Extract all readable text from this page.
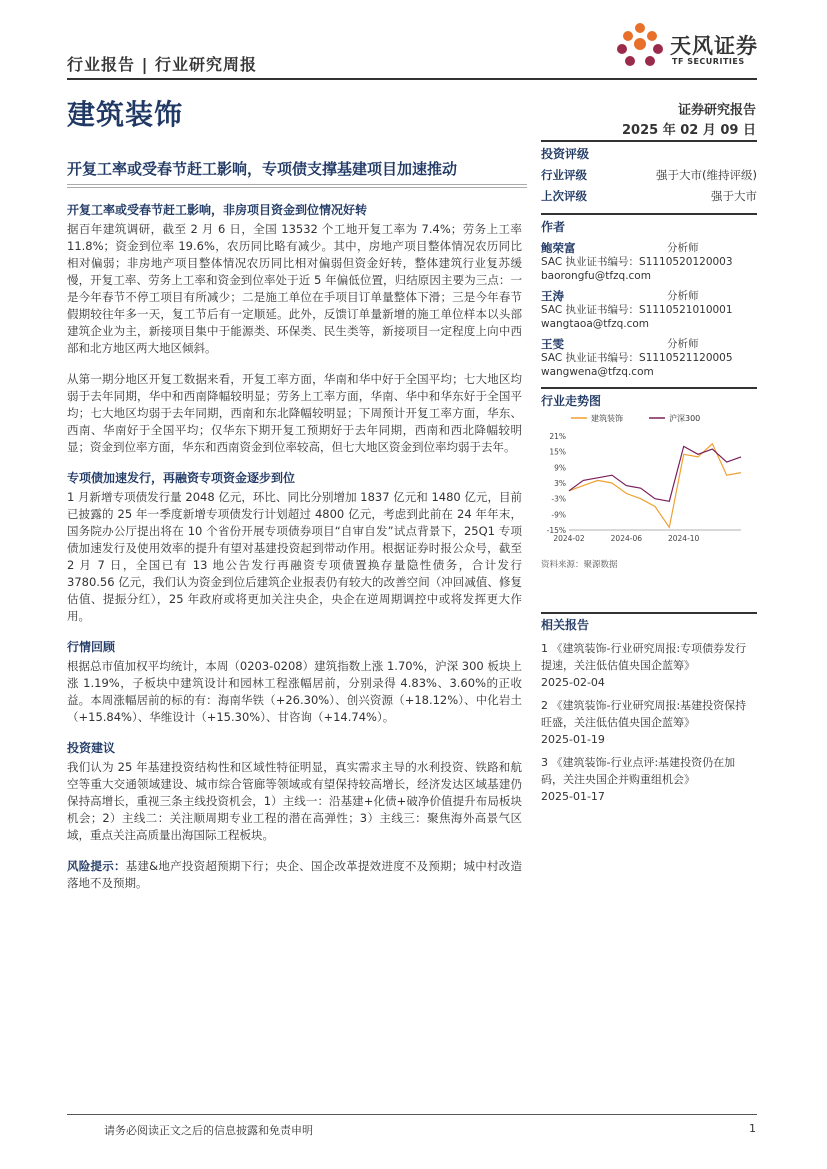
行业报告 | 行业研究周报
天风证券
TF SECURITIES
建筑装饰	证券研究报告
2025 年 02 月 09 日
开复工率或受春节赶工影响，专项债支撑基建项目加速推动
开复工率或受春节赶工影响，非房项目资金到位情况好转

据百年建筑调研，截至 2 月 6 日，全国 13532 个工地开复工率为 7.4%；劳务上工率 11.8%；资金到位率 19.6%，农历同比略有减少。其中，房地产项目整体情况农历同比相对偏弱；非房地产项目整体情况农历同比相对偏弱但资金好转，整体建筑行业复苏缓慢，开复工率、劳务上工率和资金到位率处于近 5 年偏低位置，归结原因主要为三点：一是今年春节不停工项目有所减少；二是施工单位在手项目订单量整体下滑；三是今年春节假期较往年多一天，复工节后有一定顺延。此外，反馈订单量新增的施工单位样本以头部建筑企业为主，新接项目集中于能源类、环保类、民生类等，新接项目一定程度上向中西部和北方地区两大地区倾斜。

从第一期分地区开复工数据来看，开复工率方面，华南和华中好于全国平均；七大地区均弱于去年同期，华中和西南降幅较明显；劳务上工率方面，华南、华中和华东好于全国平均；七大地区均弱于去年同期，西南和东北降幅较明显；下周预计开复工率方面，华东、西南、华南好于全国平均；仅华东下期开复工预期好于去年同期，西南和西北降幅较明显；资金到位率方面，华东和西南资金到位率较高，但七大地区资金到位率均弱于去年。

专项债加速发行，再融资专项资金逐步到位

1 月新增专项债发行量 2048 亿元，环比、同比分别增加 1837 亿元和 1480 亿元，目前已披露的 25 年一季度新增专项债发行计划超过 4800 亿元，考虑到此前在 24 年年末，国务院办公厅提出将在 10 个省份开展专项债券项目“自审自发”试点背景下，25Q1 专项债加速发行及使用效率的提升有望对基建投资起到带动作用。根据证券时报公众号，截至 2 月 7 日，全国已有 13 地公告发行再融资专项债置换存量隐性债务，合计发行 3780.56 亿元，我们认为资金到位后建筑企业报表仍有较大的改善空间（冲回减值、修复估值、提振分红），25 年政府或将更加关注央企，央企在逆周期调控中或将发挥更大作用。

行情回顾

根据总市值加权平均统计，本周（0203-0208）建筑指数上涨 1.70%，沪深 300 板块上涨 1.19%，子板块中建筑设计和园林工程涨幅居前，分别录得 4.83%、3.60%的正收益。本周涨幅居前的标的有：海南华铁（+26.30%）、创兴资源（+18.12%）、中化岩土（+15.84%）、华维设计（+15.30%）、甘咨询（+14.74%）。

投资建议

我们认为 25 年基建投资结构性和区域性特征明显，真实需求主导的水利投资、铁路和航空等重大交通领域建设、城市综合管廊等领域或有望保持较高增长，经济发达区域基建仍保持高增长，重视三条主线投资机会，1）主线一：沿基建+化债+破净价值提升布局板块机会；2）主线二：关注顺周期专业工程的潜在高弹性；3）主线三：聚焦海外高景气区域，重点关注高质量出海国际工程板块。

风险提示：基建&地产投资超预期下行；央企、国企改革提效进度不及预期；城中村改造落地不及预期。
投资评级
行业评级	强于大市(维持评级)
上次评级	强于大市
作者
鲍荣富	分析师
SAC 执业证书编号：S1110520120003
baorongfu@tfzq.com
王涛	分析师
SAC 执业证书编号：S1110521010001
wangtaoa@tfzq.com
王雯	分析师
SAC 执业证书编号：S1110521120005
wangwena@tfzq.com
行业走势图
建筑装饰	沪深300
21%
15%
9%
3%
-3%
-9%
-15%
2024-02	2024-06	2024-10
资料来源：聚源数据
相关报告
1 《建筑装饰-行业研究周报:专项债券发行提速，关注低估值央国企蓝筹》
2025-02-04
2 《建筑装饰-行业研究周报:基建投资保持旺盛，关注低估值央国企蓝筹》
2025-01-19
3 《建筑装饰-行业点评:基建投资仍在加码，关注央国企并购重组机会》
2025-01-17
请务必阅读正文之后的信息披露和免责申明	1
